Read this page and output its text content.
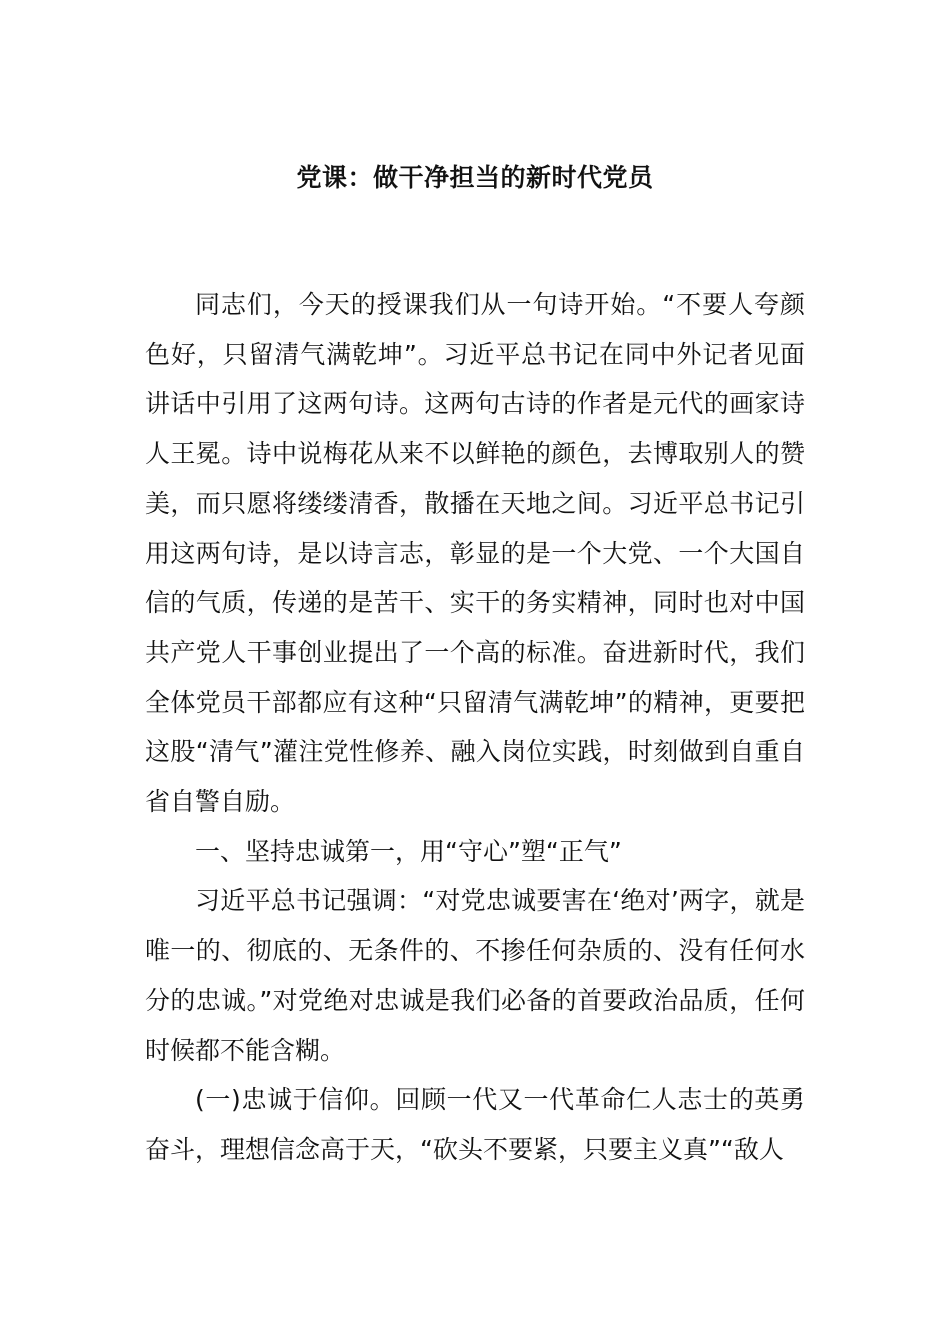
党课：做干净担当的新时代党员

同志们，今天的授课我们从一句诗开始。“不要人夸颜色好，只留清气满乾坤”。习近平总书记在同中外记者见面讲话中引用了这两句诗。这两句古诗的作者是元代的画家诗人王冕。诗中说梅花从来不以鲜艳的颜色，去博取别人的赞美，而只愿将缕缕清香，散播在天地之间。习近平总书记引用这两句诗，是以诗言志，彰显的是一个大党、一个大国自信的气质，传递的是苦干、实干的务实精神，同时也对中国共产党人干事创业提出了一个高的标准。奋进新时代，我们全体党员干部都应有这种“只留清气满乾坤”的精神，更要把这股“清气”灌注党性修养、融入岗位实践，时刻做到自重自省自警自励。

一、坚持忠诚第一，用“守心”塑“正气”

习近平总书记强调：“对党忠诚要害在‘绝对’两字，就是唯一的、彻底的、无条件的、不掺任何杂质的、没有任何水分的忠诚。”对党绝对忠诚是我们必备的首要政治品质，任何时候都不能含糊。

(一)忠诚于信仰。回顾一代又一代革命仁人志士的英勇奋斗，理想信念高于天，“砍头不要紧，只要主义真”“敌人
